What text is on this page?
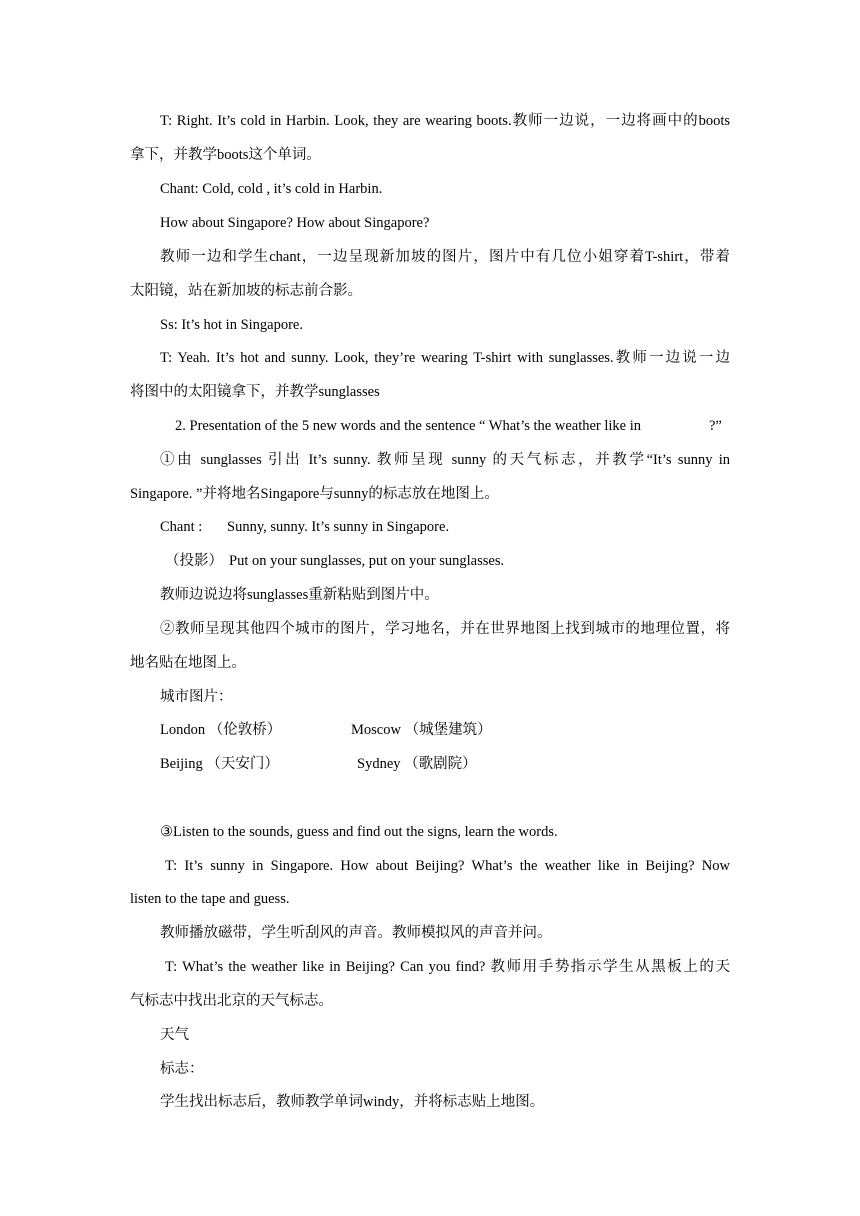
T: Right. It’s cold in Harbin. Look, they are wearing boots.教师一边说，一边将画中的boots
拿下，并教学boots这个单词。
Chant: Cold, cold , it’s cold in Harbin.
How about Singapore? How about Singapore?
教师一边和学生chant，一边呈现新加坡的图片，图片中有几位小姐穿着T-shirt，带着
太阳镜，站在新加坡的标志前合影。
Ss: It’s hot in Singapore.
T: Yeah. It’s hot and sunny. Look, they’re wearing T-shirt with sunglasses.教师一边说一边
将图中的太阳镜拿下，并教学sunglasses
2. Presentation of the 5 new words and the sentence “ What’s the weather like in	?”
①由 sunglasses 引出 It’s sunny. 教师呈现 sunny 的天气标志，并教学“It’s sunny in
Singapore. ”并将地名Singapore与sunny的标志放在地图上。
Chant : Sunny, sunny. It’s sunny in Singapore.
（投影） Put on your sunglasses, put on your sunglasses.
教师边说边将sunglasses重新粘贴到图片中。
②教师呈现其他四个城市的图片，学习地名，并在世界地图上找到城市的地理位置，将
地名贴在地图上。
城市图片：
London （伦敦桥）	Moscow （城堡建筑）
Beijing （天安门）	Sydney （歌剧院）
③Listen to the sounds, guess and find out the signs, learn the words.
T: It’s sunny in Singapore. How about Beijing? What’s the weather like in Beijing? Now
listen to the tape and guess.
教师播放磁带，学生听刮风的声音。教师模拟风的声音并问。
T: What’s the weather like in Beijing? Can you find? 教师用手势指示学生从黑板上的天
气标志中找出北京的天气标志。
天气
标志：
学生找出标志后，教师教学单词windy，并将标志贴上地图。
